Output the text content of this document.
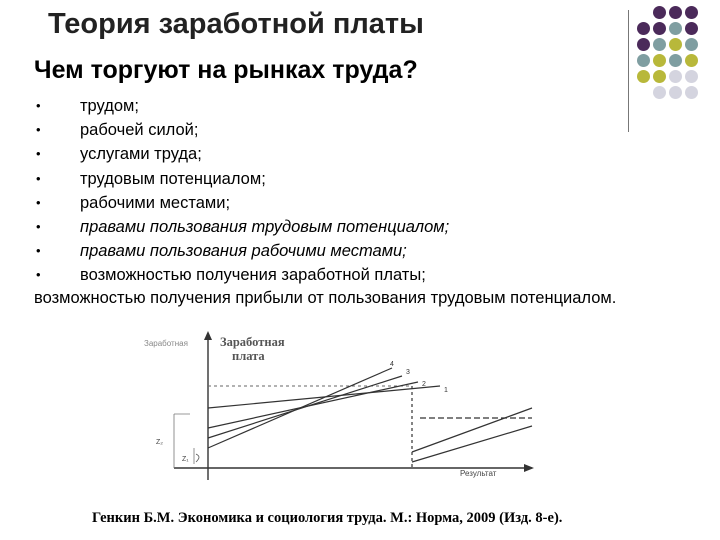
Теория заработной платы
Чем торгуют на рынках труда?
• трудом;
• рабочей силой;
• услугами труда;
• трудовым потенциалом;
• рабочими местами;
• правами пользования трудовым потенциалом;
• правами пользования рабочими местами;
• возможностью получения заработной платы;

возможностью получения прибыли от пользования трудовым потенциалом.

Заработная
плата
Заработная
Результат
Z₂
Z₁
1
2
3
4
Генкин Б.М. Экономика и социология труда. М.: Норма, 2009 (Изд. 8-е).
